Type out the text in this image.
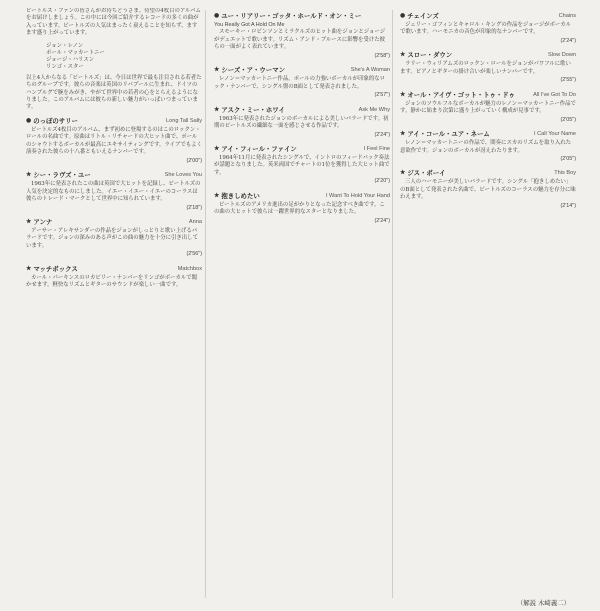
ビートルズ・ファンの皆さんがお待ちどうさま。待望の4枚目のアルバムをお届けしましょう。この中には今回ご紹介するレコードの多くの曲が入っています。ビートルズの人気はまったく衰えることを知らず、ますます盛り上がっています。

ジョン・レノン
ポール・マッカートニー
ジョージ・ハリスン
リンゴ・スター

以上4人からなる「ビートルズ」は、今日は世界で最も注目される若者たちのグループです。彼らの音楽は英国のリバプールに生まれ、ドイツのハンブルグで腕をみがき、やがて世界中の若者の心をとらえるようになりました。このアルバムには彼らの新しい魅力がいっぱいつまっています。

● のっぽのサリー	Long Tall Sally

ビートルズ4枚目のアルバム、まず初めに登場するのはこのロックン・ロールの名曲です。原曲はリトル・リチャードの大ヒット曲で、ポールのシャウトするボーカルが最高にエキサイティングです。ライブでもよく演奏された彼らの十八番ともいえるナンバーです。

(2'00")
★ シー・ラヴズ・ユー	She Loves You

1963年に発表されたこの曲は英国で大ヒットを記録し、ビートルズの人気を決定的なものにしました。イエー・イエー・イエーのコーラスは彼らのトレード・マークとして世界中に知られています。

(2'18")
★ アンナ	Anna

アーサー・アレキサンダーの作品をジョンがしっとりと歌い上げるバラードです。ジョンの深みのある声がこの曲の魅力を十分に引き出しています。

(2'56")
★ マッチボックス	Matchbox

カール・パーキンスのロカビリー・ナンバーをリンゴがボーカルで聞かせます。軽快なリズムとギターのサウンドが楽しい一曲です。

● ユー・リアリー・ゴッタ・ホールド・オン・ミー
You Really Got A Hold On Me

スモーキー・ロビンソンとミラクルズのヒット曲をジョンとジョージがデュエットで歌います。リズム・アンド・ブルースに影響を受けた彼らの一面がよく表れています。

(2'58")
★ シーズ・ア・ウーマン	She's A Woman

レノン＝マッカートニー作品。ポールの力強いボーカルが印象的なロック・ナンバーで、シングル盤のB面として発表されました。

(2'57")
★ アスク・ミー・ホワイ	Ask Me Why

1963年に発表されたジョンのボーカルによる美しいバラードです。初期のビートルズの繊細な一面を感じさせる作品です。

(2'24")
★ アイ・フィール・ファイン	I Feel Fine

1964年11月に発表されたシングルで、イントロのフィードバック奏法が話題となりました。英米両国でチャートの1位を獲得した大ヒット曲です。

(2'20")
★ 抱きしめたい	I Want To Hold Your Hand

ビートルズのアメリカ進出の足がかりとなった記念すべき曲です。この曲の大ヒットで彼らは一躍世界的なスターとなりました。

(2'24")
● チェインズ	Chains

ジェリー・ゴフィンとキャロル・キングの作品をジョージがボーカルで歌います。ハーモニカの音色が印象的なナンバーです。

(2'24")
★ スロー・ダウン	Slow Down

ラリー・ウィリアムズのロックン・ロールをジョンがパワフルに歌います。ピアノとギターの掛け合いが楽しいナンバーです。

(2'55")
★ オール・アイヴ・ゴット・トゥ・ドゥ	All I've Got To Do

ジョンのソウルフルなボーカルが魅力のレノン＝マッカートニー作品です。静かに始まり次第に盛り上がっていく構成が見事です。

(2'05")
★ アイ・コール・ユア・ネーム	I Call Your Name

レノン＝マッカートニーの作品で、間奏にスカのリズムを取り入れた意欲作です。ジョンのボーカルが冴えわたります。

(2'05")
★ ジス・ボーイ	This Boy

三人のハーモニーが美しいバラードです。シングル「抱きしめたい」のB面として発表された名曲で、ビートルズのコーラスの魅力を存分に味わえます。

(2'14")
（解説 木崎義二）
